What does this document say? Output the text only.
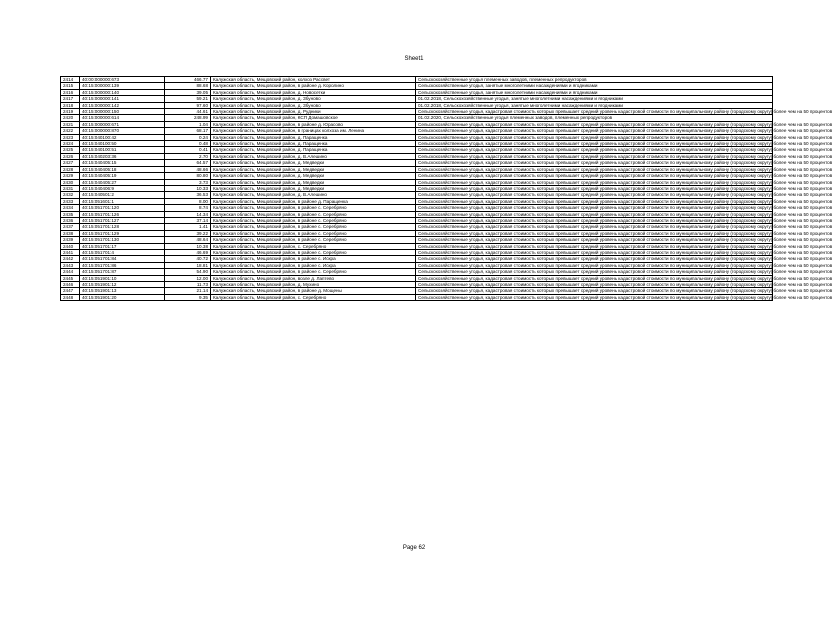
Sheet1
2414	40:00:000000:673	466.77	Калужская область, Мещовский район, колхоз Рассвет	Сельскохозяйственные угодья племенных заводов, племенных репродукторов
2415	40:15:000000:139	88.68	Калужская область, Мещовский район, в районе д. Королино	Сельскохозяйственные угодья, занятые многолетними насаждениями и ягодниками
2416	40:15:000000:140	39.05	Калужская область, Мещовский район, д. Новосетки	Сельскохозяйственные угодья, занятые многолетними насаждениями и ягодниками
2417	40:15:000000:141	59.21	Калужская область, Мещовский район, д. Збуново	01.02.2018, Сельскохозяйственные угодья, занятые многолетними насаждениями и ягодниками
2418	40:15:000000:142	97.60	Калужская область, Мещовский район, д. Збуново	01.02.2018, Сельскохозяйственные угодья, занятые многолетними насаждениями и ягодниками
2419	40:15:000000:150	44.61	Калужская область, Мещовский район, д. Рудники	Сельскохозяйственные угодья, кадастровая стоимость которых превышает средний уровень кадастровой стоимости по муниципальному району (городскому округу) более чем на 50 процентов
2420	40:15:000000:614	248.99	Калужская область, Мещовский район, КСП Домашовское	01.02.2020, Сельскохозяйственные угодья племенных заводов, племенных репродукторов
2421	40:15:000000:671	1.04	Калужская область, Мещовский район, в районе д. Юрасово	Сельскохозяйственные угодья, кадастровая стоимость которых превышает средний уровень кадастровой стоимости по муниципальному району (городскому округу) более чем на 50 процентов
2422	40:15:000000:870	68.17	Калужская область, Мещовский район, в границах колхоза им. Ленина	Сельскохозяйственные угодья, кадастровая стоимость которых превышает средний уровень кадастровой стоимости по муниципальному району (городскому округу) более чем на 50 процентов
2423	40:15:040100:42	0.24	Калужская область, Мещовский район, д. Паращенка	Сельскохозяйственные угодья, кадастровая стоимость которых превышает средний уровень кадастровой стоимости по муниципальному району (городскому округу) более чем на 50 процентов
2424	40:15:040100:50	0.48	Калужская область, Мещовский район, д. Паращенка	Сельскохозяйственные угодья, кадастровая стоимость которых превышает средний уровень кадастровой стоимости по муниципальному району (городскому округу) более чем на 50 процентов
2425	40:15:040100:51	0.41	Калужская область, Мещовский район, д. Паращенка	Сельскохозяйственные угодья, кадастровая стоимость которых превышает средний уровень кадастровой стоимости по муниципальному району (городскому округу) более чем на 50 процентов
2426	40:15:040203:36	2.70	Калужская область, Мещовский район, д. В.Алешино	Сельскохозяйственные угодья, кадастровая стоимость которых превышает средний уровень кадастровой стоимости по муниципальному району (городскому округу) более чем на 50 процентов
2427	40:15:040405:15	64.57	Калужская область, Мещовский район, д. Медведки	Сельскохозяйственные угодья, кадастровая стоимость которых превышает средний уровень кадастровой стоимости по муниципальному району (городскому округу) более чем на 50 процентов
2428	40:15:040405:18	48.66	Калужская область, Мещовский район, д. Медведки	Сельскохозяйственные угодья, кадастровая стоимость которых превышает средний уровень кадастровой стоимости по муниципальному району (городскому округу) более чем на 50 процентов
2429	40:15:040405:19	80.80	Калужская область, Мещовский район, д. Медведки	Сельскохозяйственные угодья, кадастровая стоимость которых превышает средний уровень кадастровой стоимости по муниципальному району (городскому округу) более чем на 50 процентов
2430	40:15:040405:27	3.73	Калужская область, Мещовский район, д. Медведки	Сельскохозяйственные угодья, кадастровая стоимость которых превышает средний уровень кадастровой стоимости по муниципальному району (городскому округу) более чем на 50 процентов
2431	40:15:040406:9	10.33	Калужская область, Мещовский район, д. Медведки	Сельскохозяйственные угодья, кадастровая стоимость которых превышает средний уровень кадастровой стоимости по муниципальному району (городскому округу) более чем на 50 процентов
2432	40:15:040501:2	36.53	Калужская область, Мещовский район, д. В.Алешино	Сельскохозяйственные угодья, кадастровая стоимость которых превышает средний уровень кадастровой стоимости по муниципальному району (городскому округу) более чем на 50 процентов
2433	40:15:051601:1	8.00	Калужская область, Мещовский район, в районе д. Паращенка	Сельскохозяйственные угодья, кадастровая стоимость которых превышает средний уровень кадастровой стоимости по муниципальному району (городскому округу) более чем на 50 процентов
2434	40:15:051701:120	8.74	Калужская область, Мещовский район, в районе с. Серебряно	Сельскохозяйственные угодья, кадастровая стоимость которых превышает средний уровень кадастровой стоимости по муниципальному району (городскому округу) более чем на 50 процентов
2435	40:15:051701:126	14.34	Калужская область, Мещовский район, в районе с. Серебряно	Сельскохозяйственные угодья, кадастровая стоимость которых превышает средний уровень кадастровой стоимости по муниципальному району (городскому округу) более чем на 50 процентов
2436	40:15:051701:127	37.14	Калужская область, Мещовский район, в районе с. Серебряно	Сельскохозяйственные угодья, кадастровая стоимость которых превышает средний уровень кадастровой стоимости по муниципальному району (городскому округу) более чем на 50 процентов
2437	40:15:051701:128	1.41	Калужская область, Мещовский район, в районе с. Серебряно	Сельскохозяйственные угодья, кадастровая стоимость которых превышает средний уровень кадастровой стоимости по муниципальному району (городскому округу) более чем на 50 процентов
2438	40:15:051701:129	39.22	Калужская область, Мещовский район, в районе с. Серебряно	Сельскохозяйственные угодья, кадастровая стоимость которых превышает средний уровень кадастровой стоимости по муниципальному району (городскому округу) более чем на 50 процентов
2439	40:15:051701:130	48.64	Калужская область, Мещовский район, в районе с. Серебряно	Сельскохозяйственные угодья, кадастровая стоимость которых превышает средний уровень кадастровой стоимости по муниципальному району (городскому округу) более чем на 50 процентов
2440	40:15:051701:17	10.38	Калужская область, Мещовский район, с. Серебряно	Сельскохозяйственные угодья, кадастровая стоимость которых превышает средний уровень кадастровой стоимости по муниципальному району (городскому округу) более чем на 50 процентов
2441	40:15:051701:4	46.69	Калужская область, Мещовский район, в районе с. Серебряно	Сельскохозяйственные угодья, кадастровая стоимость которых превышает средний уровень кадастровой стоимости по муниципальному району (городскому округу) более чем на 50 процентов
2442	40:15:051701:84	40.72	Калужская область, Мещовский район, в районе с. Искра	Сельскохозяйственные угодья, кадастровая стоимость которых превышает средний уровень кадастровой стоимости по муниципальному району (городскому округу) более чем на 50 процентов
2443	40:15:051701:86	18.81	Калужская область, Мещовский район, в районе с. Искра	Сельскохозяйственные угодья, кадастровая стоимость которых превышает средний уровень кадастровой стоимости по муниципальному району (городскому округу) более чем на 50 процентов
2444	40:15:051701:87	54.90	Калужская область, Мещовский район, в районе с. Серебряно	Сельскохозяйственные угодья, кадастровая стоимость которых превышает средний уровень кадастровой стоимости по муниципальному району (городскому округу) более чем на 50 процентов
2445	40:15:051901:10	12.00	Калужская область, Мещовский район, возле д. Лаптево	Сельскохозяйственные угодья, кадастровая стоимость которых превышает средний уровень кадастровой стоимости по муниципальному району (городскому округу) более чем на 50 процентов
2446	40:15:051901:12	11.73	Калужская область, Мещовский район, д. Мухино	Сельскохозяйственные угодья, кадастровая стоимость которых превышает средний уровень кадастровой стоимости по муниципальному району (городскому округу) более чем на 50 процентов
2447	40:15:051901:13	21.14	Калужская область, Мещовский район, в районе д. Мощены	Сельскохозяйственные угодья, кадастровая стоимость которых превышает средний уровень кадастровой стоимости по муниципальному району (городскому округу) более чем на 50 процентов
2448	40:15:051901:20	9.35	Калужская область, Мещовский район, с. Серебряно	Сельскохозяйственные угодья, кадастровая стоимость которых превышает средний уровень кадастровой стоимости по муниципальному району (городскому округу) более чем на 50 процентов
Page 62
